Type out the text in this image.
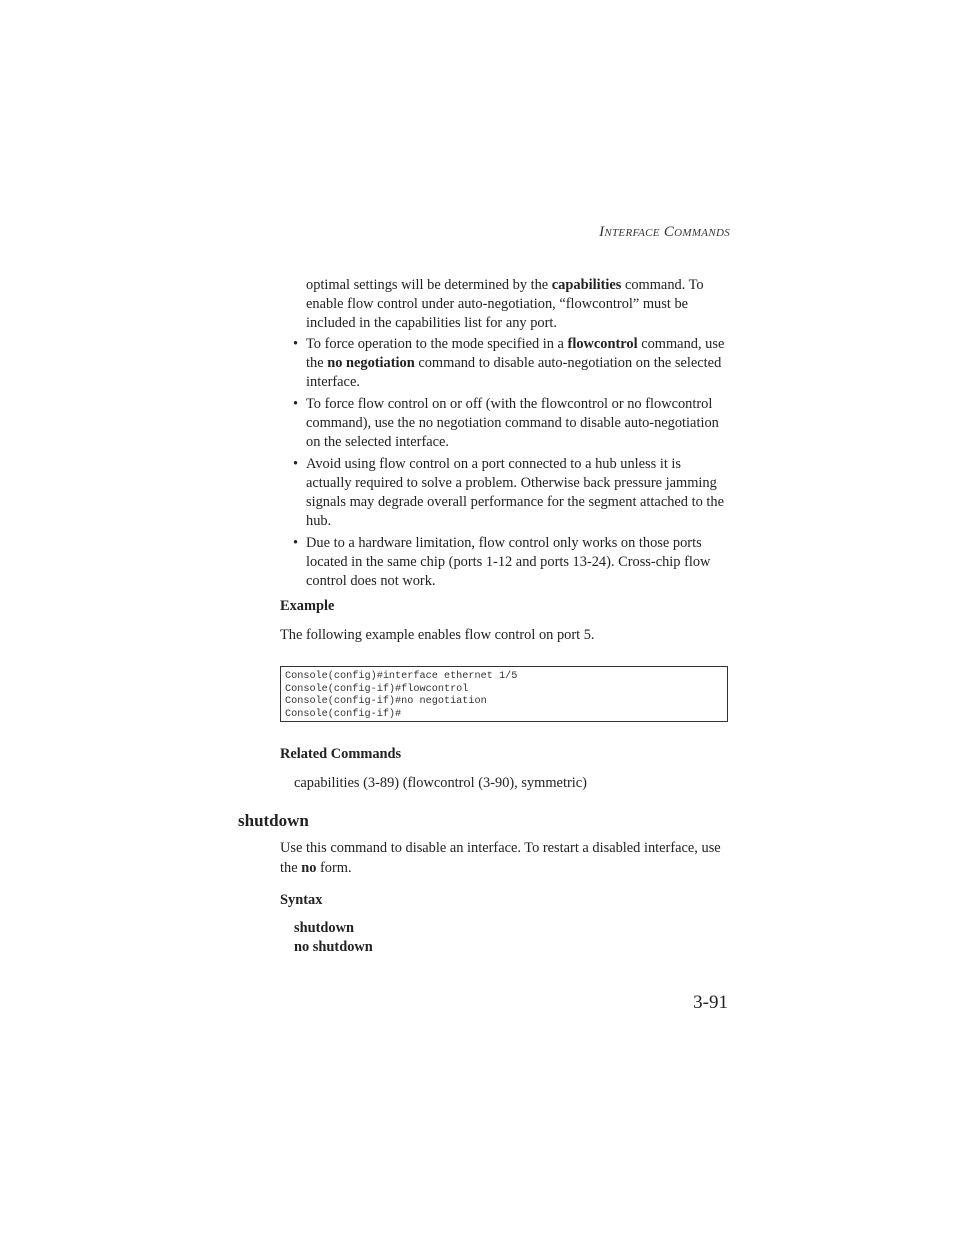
INTERFACE COMMANDS
optimal settings will be determined by the capabilities command. To enable flow control under auto-negotiation, “flowcontrol” must be included in the capabilities list for any port.
• To force operation to the mode specified in a flowcontrol command, use the no negotiation command to disable auto-negotiation on the selected interface.
• To force flow control on or off (with the flowcontrol or no flowcontrol command), use the no negotiation command to disable auto-negotiation on the selected interface.
• Avoid using flow control on a port connected to a hub unless it is actually required to solve a problem. Otherwise back pressure jamming signals may degrade overall performance for the segment attached to the hub.
• Due to a hardware limitation, flow control only works on those ports located in the same chip (ports 1-12 and ports 13-24). Cross-chip flow control does not work.
Example
The following example enables flow control on port 5.
Console(config)#interface ethernet 1/5
Console(config-if)#flowcontrol
Console(config-if)#no negotiation
Console(config-if)#
Related Commands
capabilities (3-89) (flowcontrol (3-90), symmetric)
shutdown
Use this command to disable an interface. To restart a disabled interface, use the no form.
Syntax
shutdown
no shutdown
3-91
